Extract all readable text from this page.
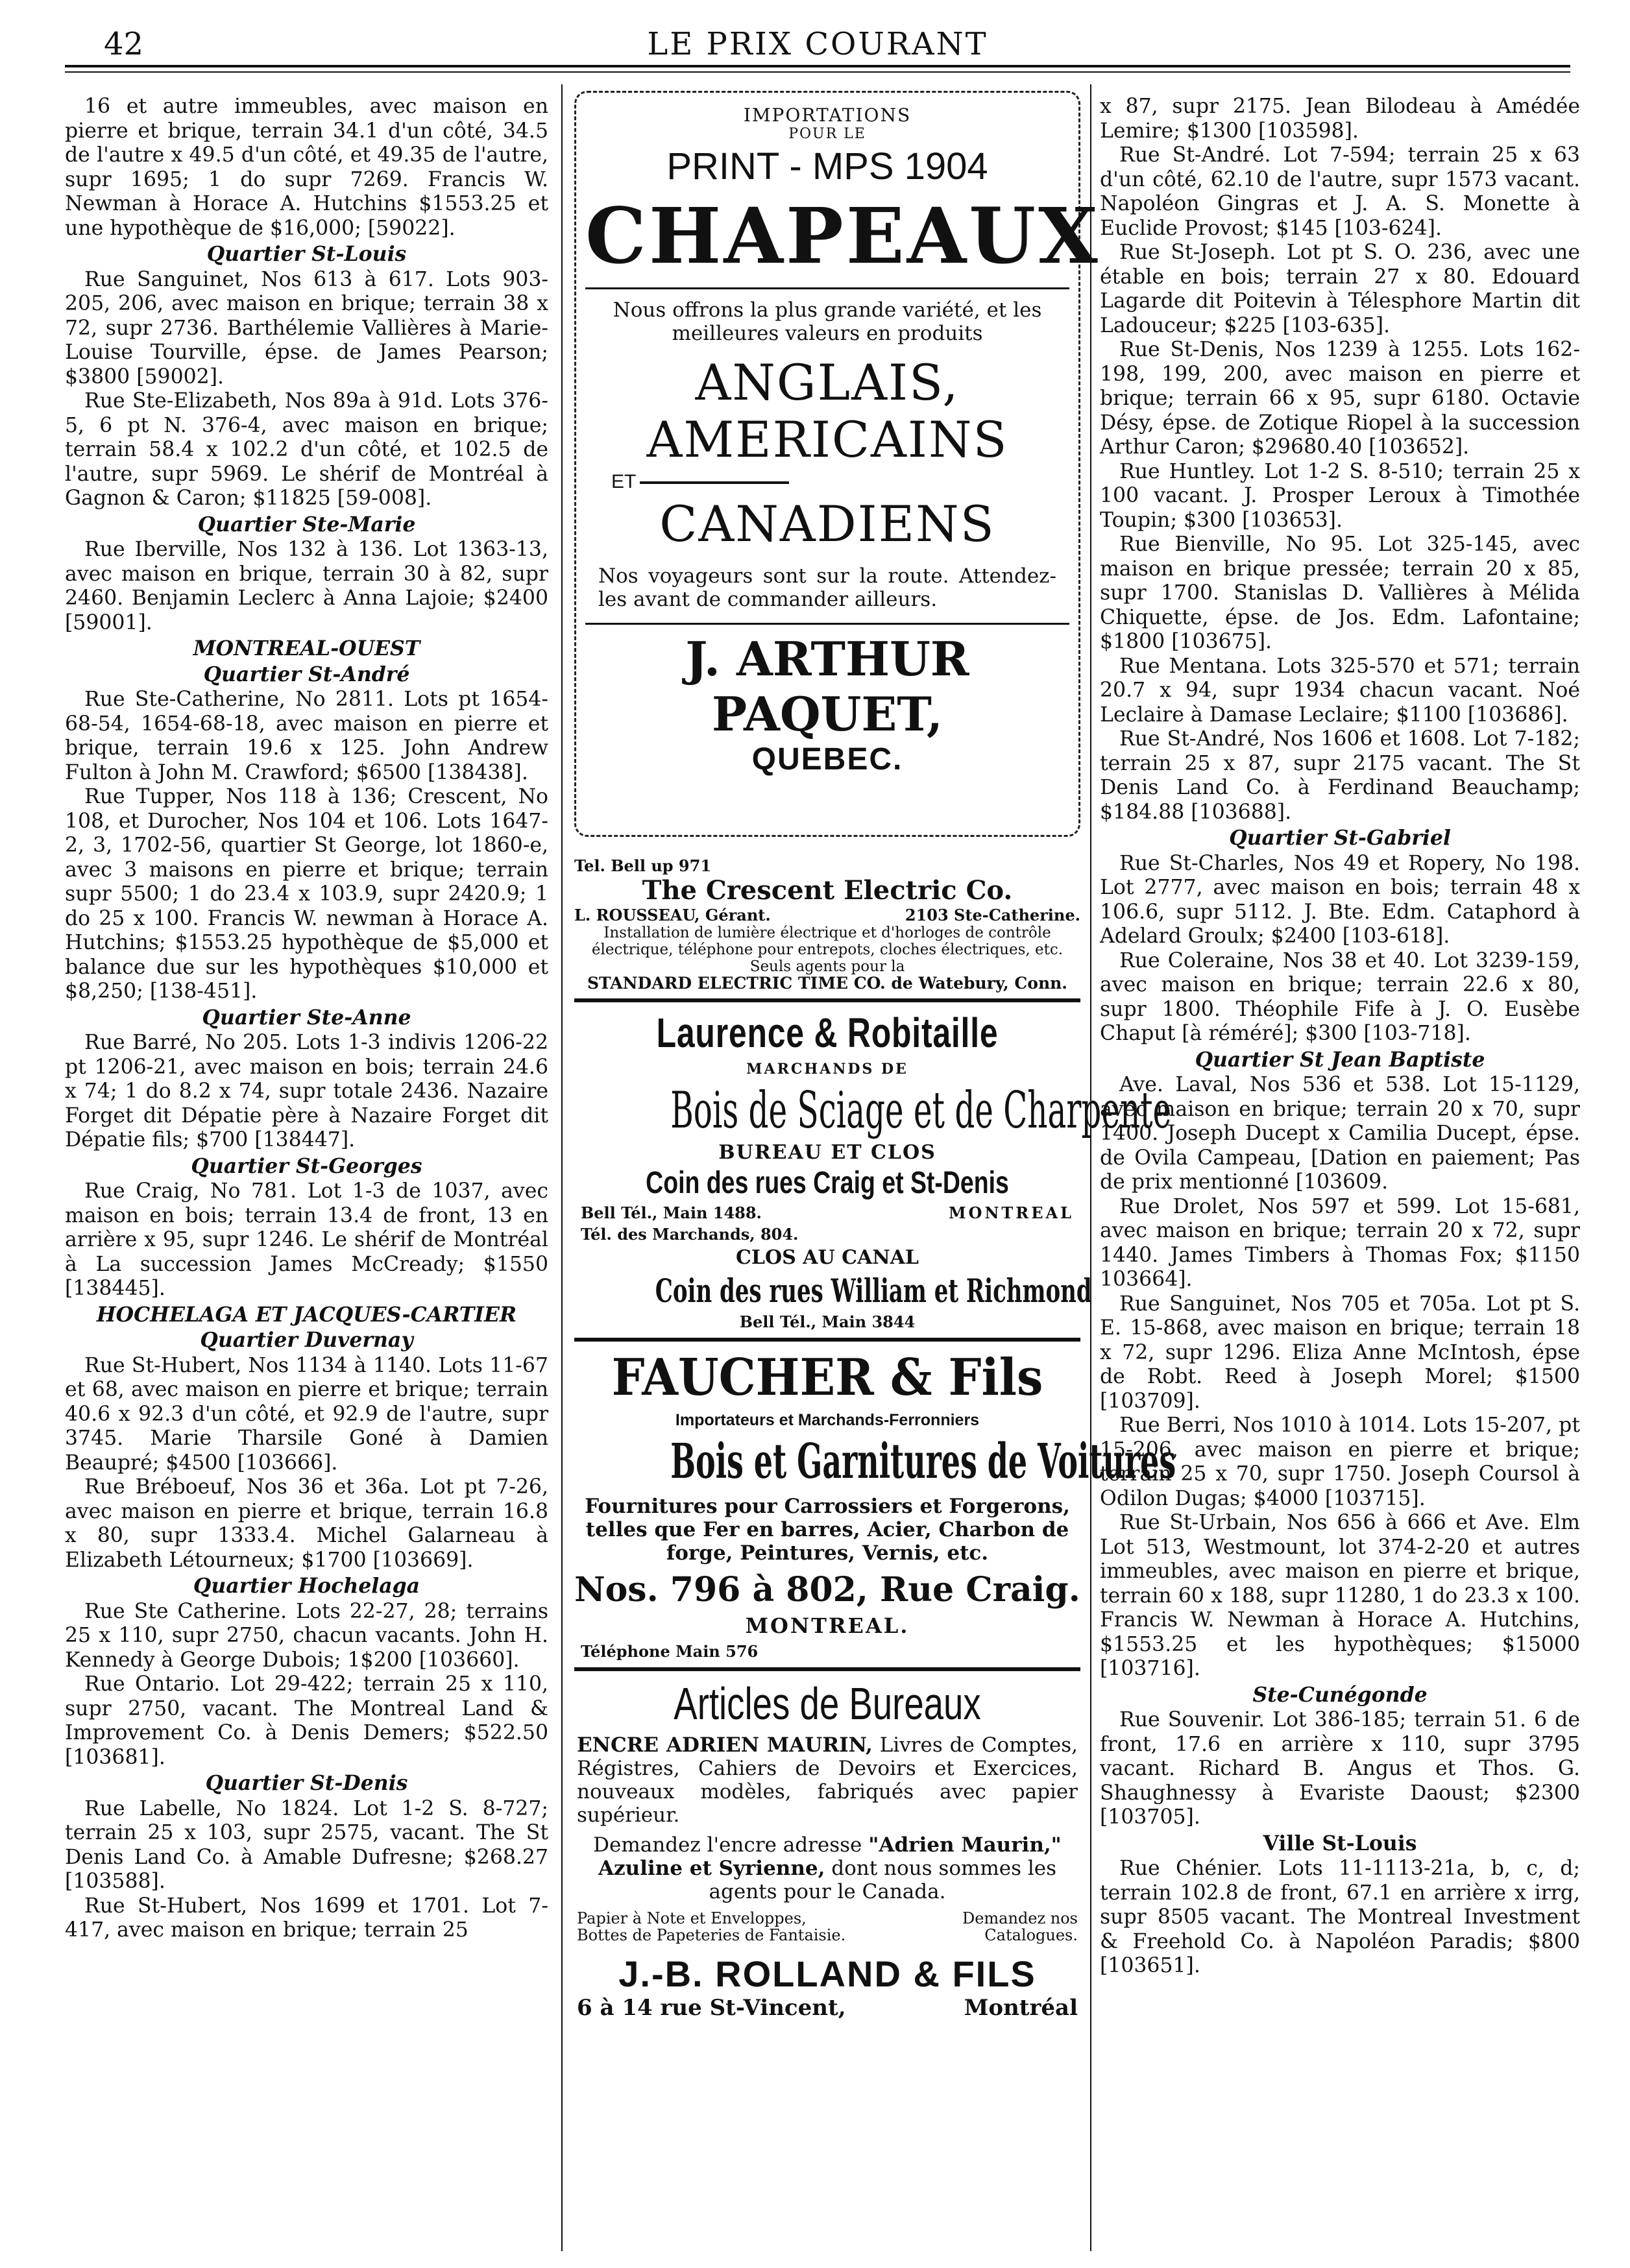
42	LE PRIX COURANT

16 et autre immeubles, avec maison en pierre et brique, terrain 34.1 d'un côté, 34.5 de l'autre x 49.5 d'un côté, et 49.35 de l'autre, supr 1695; 1 do supr 7269. Francis W. Newman à Horace A. Hutchins $1553.25 et une hypothèque de $16,000; [59022].

Quartier St-Louis

Rue Sanguinet, Nos 613 à 617. Lots 903-205, 206, avec maison en brique; terrain 38 x 72, supr 2736. Barthélemie Vallières à Marie-Louise Tourville, épse. de James Pearson; $3800 [59002].

Rue Ste-Elizabeth, Nos 89a à 91d. Lots 376-5, 6 pt N. 376-4, avec maison en brique; terrain 58.4 x 102.2 d'un côté, et 102.5 de l'autre, supr 5969. Le shérif de Montréal à Gagnon & Caron; $11825 [59-008].

Quartier Ste-Marie

Rue Iberville, Nos 132 à 136. Lot 1363-13, avec maison en brique, terrain 30 à 82, supr 2460. Benjamin Leclerc à Anna Lajoie; $2400 [59001].

MONTREAL-OUEST

Quartier St-André

Rue Ste-Catherine, No 2811. Lots pt 1654-68-54, 1654-68-18, avec maison en pierre et brique, terrain 19.6 x 125. John Andrew Fulton à John M. Crawford; $6500 [138438].

Rue Tupper, Nos 118 à 136; Crescent, No 108, et Durocher, Nos 104 et 106. Lots 1647-2, 3, 1702-56, quartier St George, lot 1860-e, avec 3 maisons en pierre et brique; terrain supr 5500; 1 do 23.4 x 103.9, supr 2420.9; 1 do 25 x 100. Francis W. newman à Horace A. Hutchins; $1553.25 hypothèque de $5,000 et balance due sur les hypothèques $10,000 et $8,250; [138-451].

Quartier Ste-Anne

Rue Barré, No 205. Lots 1-3 indivis 1206-22 pt 1206-21, avec maison en bois; terrain 24.6 x 74; 1 do 8.2 x 74, supr totale 2436. Nazaire Forget dit Dépatie père à Nazaire Forget dit Dépatie fils; $700 [138447].

Quartier St-Georges

Rue Craig, No 781. Lot 1-3 de 1037, avec maison en bois; terrain 13.4 de front, 13 en arrière x 95, supr 1246. Le shérif de Montréal à La succession James McCready; $1550 [138445].

HOCHELAGA ET JACQUES-CARTIER

Quartier Duvernay

Rue St-Hubert, Nos 1134 à 1140. Lots 11-67 et 68, avec maison en pierre et brique; terrain 40.6 x 92.3 d'un côté, et 92.9 de l'autre, supr 3745. Marie Tharsile Goné à Damien Beaupré; $4500 [103666].

Rue Bréboeuf, Nos 36 et 36a. Lot pt 7-26, avec maison en pierre et brique, terrain 16.8 x 80, supr 1333.4. Michel Galarneau à Elizabeth Létourneux; $1700 [103669].

Quartier Hochelaga

Rue Ste Catherine. Lots 22-27, 28; terrains 25 x 110, supr 2750, chacun vacants. John H. Kennedy à George Dubois; 1$200 [103660].

Rue Ontario. Lot 29-422; terrain 25 x 110, supr 2750, vacant. The Montreal Land & Improvement Co. à Denis Demers; $522.50 [103681].

Quartier St-Denis

Rue Labelle, No 1824. Lot 1-2 S. 8-727; terrain 25 x 103, supr 2575, vacant. The St Denis Land Co. à Amable Dufresne; $268.27 [103588].

Rue St-Hubert, Nos 1699 et 1701. Lot 7-417, avec maison en brique; terrain 25

IMPORTATIONS

POUR LE

PRINT - MPS 1904

CHAPEAUX

Nous offrons la plus grande variété, et les meilleures valeurs en produits

ANGLAIS,

AMERICAINS

ET

CANADIENS

Nos voyageurs sont sur la route. Attendez-les avant de commander ailleurs.

J. ARTHUR PAQUET,

QUEBEC.

Tel. Bell up 971

The Crescent Electric Co.

L. ROUSSEAU, Gérant.	2103 Ste-Catherine.

Installation de lumière électrique et d'horloges de contrôle électrique, téléphone pour entrepots, cloches électriques, etc. Seuls agents pour la

STANDARD ELECTRIC TIME CO. de Watebury, Conn.

Laurence & Robitaille

MARCHANDS DE

Bois de Sciage et de Charpente

BUREAU ET CLOS

Coin des rues Craig et St-Denis

Bell Tél., Main 1488.	MONTREAL

Tél. des Marchands, 804.

CLOS AU CANAL

Coin des rues William et Richmond

Bell Tél., Main 3844

FAUCHER & Fils

Importateurs et Marchands-Ferronniers

Bois et Garnitures de Voitures

Fournitures pour Carrossiers et Forgerons, telles que Fer en barres, Acier, Charbon de forge, Peintures, Vernis, etc.

Nos. 796 à 802, Rue Craig.

MONTREAL.

Téléphone Main 576

Articles de Bureaux

ENCRE ADRIEN MAURIN, Livres de Comptes, Régistres, Cahiers de Devoirs et Exercices, nouveaux modèles, fabriqués avec papier supérieur.

Demandez l'encre adresse "Adrien Maurin," Azuline et Syrienne, dont nous sommes les agents pour le Canada.

Papier à Note et Enveloppes, Bottes de Papeteries de Fantaisie.
Demandez nos Catalogues.

J.-B. ROLLAND & FILS

6 à 14 rue St-Vincent,	Montréal

x 87, supr 2175. Jean Bilodeau à Amédée Lemire; $1300 [103598].

Rue St-André. Lot 7-594; terrain 25 x 63 d'un côté, 62.10 de l'autre, supr 1573 vacant. Napoléon Gingras et J. A. S. Monette à Euclide Provost; $145 [103-624].

Rue St-Joseph. Lot pt S. O. 236, avec une étable en bois; terrain 27 x 80. Edouard Lagarde dit Poitevin à Télesphore Martin dit Ladouceur; $225 [103-635].

Rue St-Denis, Nos 1239 à 1255. Lots 162-198, 199, 200, avec maison en pierre et brique; terrain 66 x 95, supr 6180. Octavie Désy, épse. de Zotique Riopel à la succession Arthur Caron; $29680.40 [103652].

Rue Huntley. Lot 1-2 S. 8-510; terrain 25 x 100 vacant. J. Prosper Leroux à Timothée Toupin; $300 [103653].

Rue Bienville, No 95. Lot 325-145, avec maison en brique pressée; terrain 20 x 85, supr 1700. Stanislas D. Vallières à Mélida Chiquette, épse. de Jos. Edm. Lafontaine; $1800 [103675].

Rue Mentana. Lots 325-570 et 571; terrain 20.7 x 94, supr 1934 chacun vacant. Noé Leclaire à Damase Leclaire; $1100 [103686].

Rue St-André, Nos 1606 et 1608. Lot 7-182; terrain 25 x 87, supr 2175 vacant. The St Denis Land Co. à Ferdinand Beauchamp; $184.88 [103688].

Quartier St-Gabriel

Rue St-Charles, Nos 49 et Ropery, No 198. Lot 2777, avec maison en bois; terrain 48 x 106.6, supr 5112. J. Bte. Edm. Cataphord à Adelard Groulx; $2400 [103-618].

Rue Coleraine, Nos 38 et 40. Lot 3239-159, avec maison en brique; terrain 22.6 x 80, supr 1800. Théophile Fife à J. O. Eusèbe Chaput [à réméré]; $300 [103-718].

Quartier St Jean Baptiste

Ave. Laval, Nos 536 et 538. Lot 15-1129, avec maison en brique; terrain 20 x 70, supr 1400. Joseph Ducept x Camilia Ducept, épse. de Ovila Campeau, [Dation en paiement; Pas de prix mentionné [103609.

Rue Drolet, Nos 597 et 599. Lot 15-681, avec maison en brique; terrain 20 x 72, supr 1440. James Timbers à Thomas Fox; $1150 103664].

Rue Sanguinet, Nos 705 et 705a. Lot pt S. E. 15-868, avec maison en brique; terrain 18 x 72, supr 1296. Eliza Anne McIntosh, épse de Robt. Reed à Joseph Morel; $1500 [103709].

Rue Berri, Nos 1010 à 1014. Lots 15-207, pt 15-206, avec maison en pierre et brique; terrain 25 x 70, supr 1750. Joseph Coursol à Odilon Dugas; $4000 [103715].

Rue St-Urbain, Nos 656 à 666 et Ave. Elm Lot 513, Westmount, lot 374-2-20 et autres immeubles, avec maison en pierre et brique, terrain 60 x 188, supr 11280, 1 do 23.3 x 100. Francis W. Newman à Horace A. Hutchins, $1553.25 et les hypothèques; $15000 [103716].

Ste-Cunégonde

Rue Souvenir. Lot 386-185; terrain 51. 6 de front, 17.6 en arrière x 110, supr 3795 vacant. Richard B. Angus et Thos. G. Shaughnessy à Evariste Daoust; $2300 [103705].

Ville St-Louis

Rue Chénier. Lots 11-1113-21a, b, c, d; terrain 102.8 de front, 67.1 en arrière x irrg, supr 8505 vacant. The Montreal Investment & Freehold Co. à Napoléon Paradis; $800 [103651].
